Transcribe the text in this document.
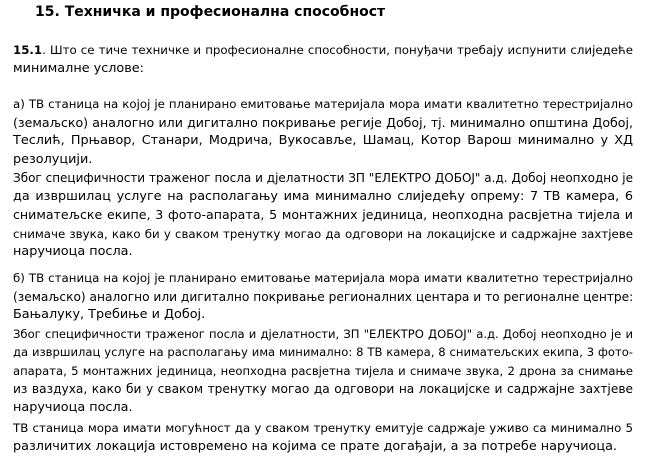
15. Техничка и професионална способност
15.1. Што се тиче техничке и професионалне способности, понуђачи требају испунити слиједеће
минималне услове:
а) ТВ станица на којој је планирано емитовање материјала мора имати квалитетно терестријално
(земаљско) аналогно или дигитално покривање регије Добој, тј. минимално општина Добој,
Теслић, Прњавор, Станари, Модрича, Вукосавље, Шамац, Котор Варош минимално у ХД
резолуцији.
Због специфичности траженог посла и дјелатности ЗП "ЕЛЕКТРО ДОБОЈ" а.д. Добој неопходно је
да извршилац услуге на располагању има минимално слиједећу опрему: 7 ТВ камера, 6
сниматељске екипе, 3 фото-апарата, 5 монтажних јединица, неопходна расвјетна тијела и
снимаче звука, како би у сваком тренутку могао да одговори на локацијске и садржајне захтјеве
наручиоца посла.
б) ТВ станица на којој је планирано емитовање материјала мора имати квалитетно терестријално
(земаљско) аналогно или дигитално покривање регионалних центара и то регионалне центре:
Бањалуку, Требиње и Добој.
Због специфичности траженог посла и дјелатности, ЗП "ЕЛЕКТРО ДОБОЈ" а.д. Добој неопходно је и
да извршилац услуге на располагању има минимално: 8 ТВ камера, 8 сниматељских екипа, 3 фото-
апарата, 5 монтажних јединица, неопходна расвјетна тијела и снимаче звука, 2 дрона за снимање
из ваздуха, како би у сваком тренутку могао да одговори на локацијске и садржајне захтјеве
наручиоца посла.
ТВ станица мора имати могућност да у сваком тренутку емитује садржаје уживо са минимално 5
различитих локација истовремено на којима се прате догађаји, а за потребе наручиоца.
